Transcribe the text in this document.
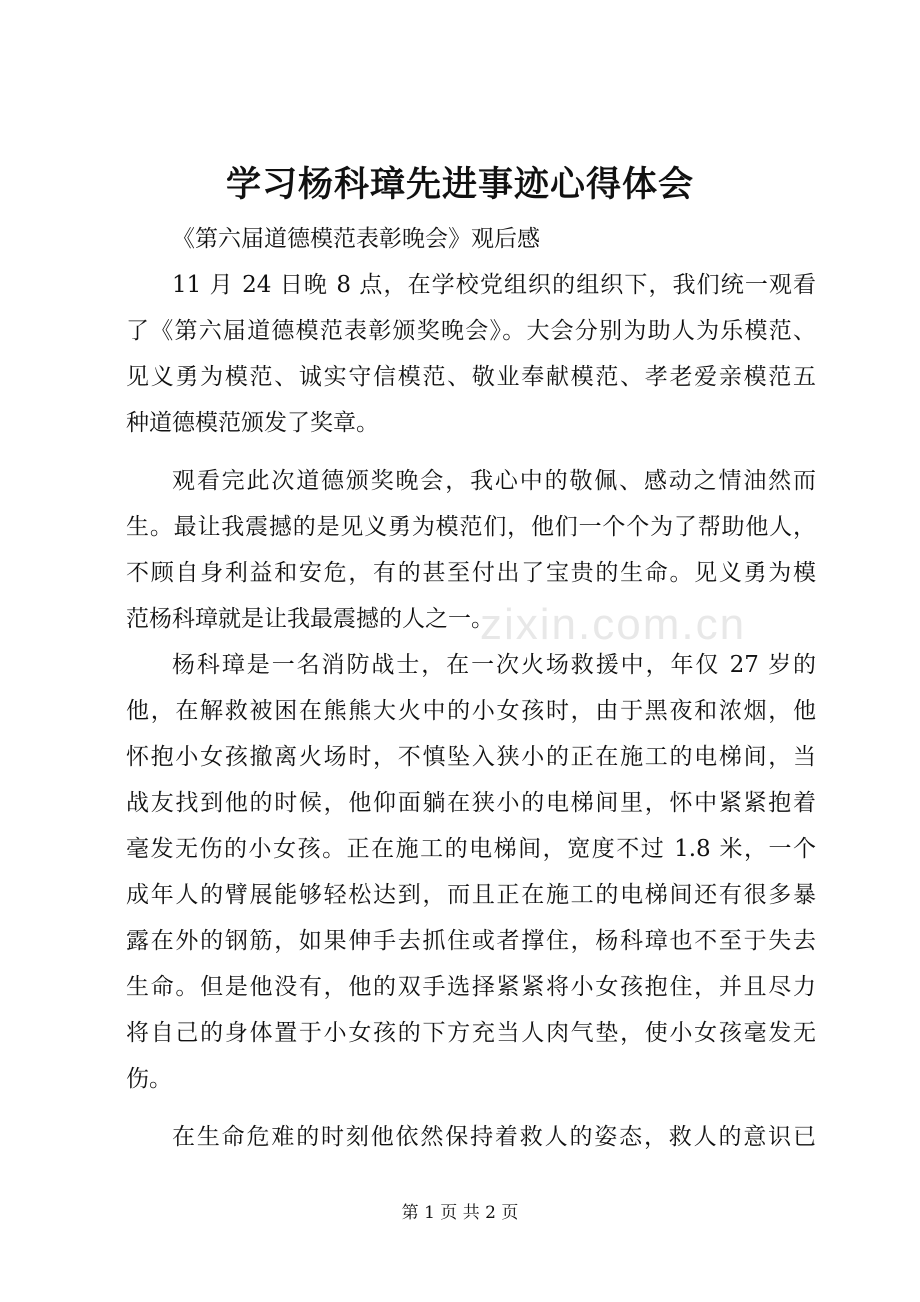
学习杨科璋先进事迹心得体会
zixin.com.cn
《第六届道德模范表彰晚会》观后感
11 月 24 日晚 8 点，在学校党组织的组织下，我们统一观看
了《第六届道德模范表彰颁奖晚会》。大会分别为助人为乐模范、
见义勇为模范、诚实守信模范、敬业奉献模范、孝老爱亲模范五
种道德模范颁发了奖章。
观看完此次道德颁奖晚会，我心中的敬佩、感动之情油然而
生。最让我震撼的是见义勇为模范们，他们一个个为了帮助他人，
不顾自身利益和安危，有的甚至付出了宝贵的生命。见义勇为模
范杨科璋就是让我最震撼的人之一。
杨科璋是一名消防战士，在一次火场救援中，年仅 27 岁的
他，在解救被困在熊熊大火中的小女孩时，由于黑夜和浓烟，他
怀抱小女孩撤离火场时，不慎坠入狭小的正在施工的电梯间，当
战友找到他的时候，他仰面躺在狭小的电梯间里，怀中紧紧抱着
毫发无伤的小女孩。正在施工的电梯间，宽度不过 1.8 米，一个
成年人的臂展能够轻松达到，而且正在施工的电梯间还有很多暴
露在外的钢筋，如果伸手去抓住或者撑住，杨科璋也不至于失去
生命。但是他没有，他的双手选择紧紧将小女孩抱住，并且尽力
将自己的身体置于小女孩的下方充当人肉气垫，使小女孩毫发无
伤。
在生命危难的时刻他依然保持着救人的姿态，救人的意识已
第 1 页 共 2 页
